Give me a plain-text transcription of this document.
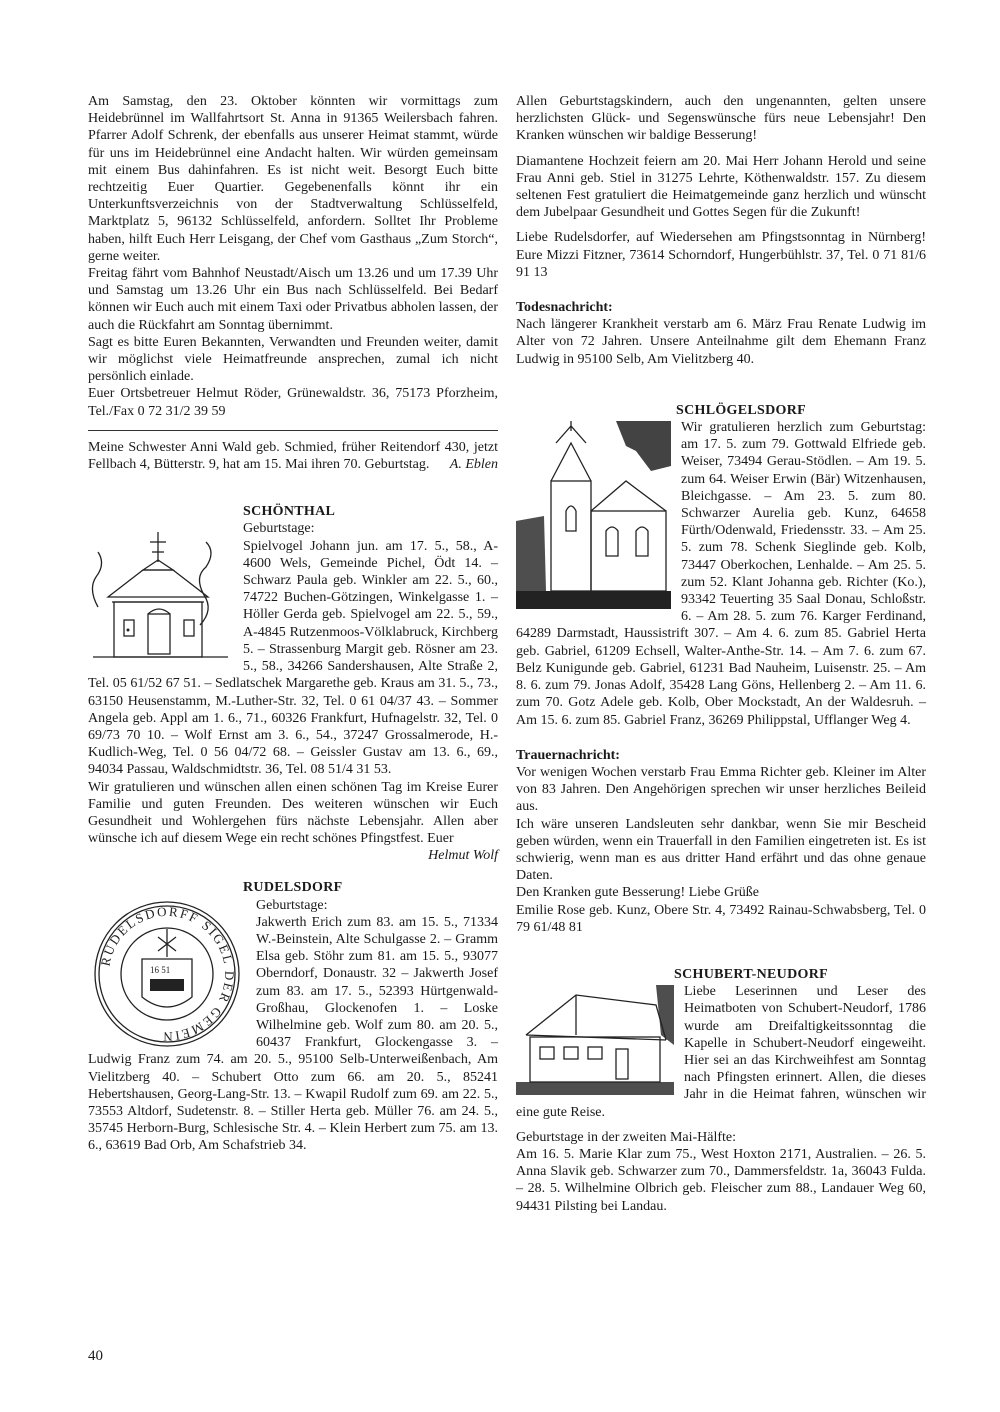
Am Samstag, den 23. Oktober könnten wir vormittags zum Heidebrünnel im Wallfahrtsort St. Anna in 91365 Weilersbach fahren. Pfarrer Adolf Schrenk, der ebenfalls aus unserer Heimat stammt, würde für uns im Heidebrünnel eine Andacht halten. Wir würden gemeinsam mit einem Bus dahinfahren. Es ist nicht weit. Besorgt Euch bitte rechtzeitig Euer Quartier. Gegebenenfalls könnt ihr ein Unterkunftsverzeichnis von der Stadtverwaltung Schlüsselfeld, Marktplatz 5, 96132 Schlüsselfeld, anfordern. Solltet Ihr Probleme haben, hilft Euch Herr Leisgang, der Chef vom Gasthaus „Zum Storch“, gerne weiter.

Freitag fährt vom Bahnhof Neustadt/Aisch um 13.26 und um 17.39 Uhr und Samstag um 13.26 Uhr ein Bus nach Schlüsselfeld. Bei Bedarf können wir Euch auch mit einem Taxi oder Privatbus abholen lassen, der auch die Rückfahrt am Sonntag übernimmt.

Sagt es bitte Euren Bekannten, Verwandten und Freunden weiter, damit wir möglichst viele Heimatfreunde ansprechen, zumal ich nicht persönlich einlade.

Euer Ortsbetreuer Helmut Röder, Grünewaldstr. 36, 75173 Pforzheim, Tel./Fax 0 72 31/2 39 59

Meine Schwester Anni Wald geb. Schmied, früher Reitendorf 430, jetzt Fellbach 4, Bütterstr. 9, hat am 15. Mai ihren 70. Geburtstag. A. Eblen

SCHÖNTHAL
Geburtstage:

Spielvogel Johann jun. am 17. 5., 58., A-4600 Wels, Gemeinde Pichel, Ödt 14. – Schwarz Paula geb. Winkler am 22. 5., 60., 74722 Buchen-Götzingen, Winkelgasse 1. – Höller Gerda geb. Spielvogel am 22. 5., 59., A-4845 Rutzenmoos-Völklabruck, Kirchberg 5. – Strassenburg Margit geb. Rösner am 23. 5., 58., 34266 Sandershausen, Alte Straße 2, Tel. 05 61/52 67 51. – Sedlatschek Margarethe geb. Kraus am 31. 5., 73., 63150 Heusenstamm, M.-Luther-Str. 32, Tel. 0 61 04/37 43. – Sommer Angela geb. Appl am 1. 6., 71., 60326 Frankfurt, Hufnagelstr. 32, Tel. 0 69/73 70 10. – Wolf Ernst am 3. 6., 54., 37247 Grossalmerode, H.-Kudlich-Weg, Tel. 0 56 04/72 68. – Geissler Gustav am 13. 6., 69., 94034 Passau, Waldschmidtstr. 36, Tel. 08 51/4 31 53.

Wir gratulieren und wünschen allen einen schönen Tag im Kreise Eurer Familie und guten Freunden. Des weiteren wünschen wir Euch Gesundheit und Wohlergehen fürs nächste Lebensjahr. Allen aber wünsche ich auf diesem Wege ein recht schönes Pfingstfest. Euer
Helmut Wolf

RUDELSDORF
RUDELSDORFF SIGEL DER GEMEIN
16 51
Geburtstage:

Jakwerth Erich zum 83. am 15. 5., 71334 W.-Beinstein, Alte Schulgasse 2. – Gramm Elsa geb. Stöhr zum 81. am 15. 5., 93077 Oberndorf, Donaustr. 32 – Jakwerth Josef zum 83. am 17. 5., 52393 Hürtgenwald-Großhau, Glockenofen 1. – Loske Wilhelmine geb. Wolf zum 80. am 20. 5., 60437 Frankfurt, Glockengasse 3. – Ludwig Franz zum 74. am 20. 5., 95100 Selb-Unterweißenbach, Am Vielitzberg 40. – Schubert Otto zum 66. am 20. 5., 85241 Hebertshausen, Georg-Lang-Str. 13. – Kwapil Rudolf zum 69. am 22. 5., 73553 Altdorf, Sudetenstr. 8. – Stiller Herta geb. Müller 76. am 24. 5., 35745 Herborn-Burg, Schlesische Str. 4. – Klein Herbert zum 75. am 13. 6., 63619 Bad Orb, Am Schafstrieb 34.

Allen Geburtstagskindern, auch den ungenannten, gelten unsere herzlichsten Glück- und Segenswünsche fürs neue Lebensjahr! Den Kranken wünschen wir baldige Besserung!

Diamantene Hochzeit feiern am 20. Mai Herr Johann Herold und seine Frau Anni geb. Stiel in 31275 Lehrte, Köthenwaldstr. 157. Zu diesem seltenen Fest gratuliert die Heimatgemeinde ganz herzlich und wünscht dem Jubelpaar Gesundheit und Gottes Segen für die Zukunft!

Liebe Rudelsdorfer, auf Wiedersehen am Pfingstsonntag in Nürnberg! Eure Mizzi Fitzner, 73614 Schorndorf, Hungerbühlstr. 37, Tel. 0 71 81/6 91 13

Todesnachricht:

Nach längerer Krankheit verstarb am 6. März Frau Renate Ludwig im Alter von 72 Jahren. Unsere Anteilnahme gilt dem Ehemann Franz Ludwig in 95100 Selb, Am Vielitzberg 40.

SCHLÖGELSDORF

Wir gratulieren herzlich zum Geburtstag: am 17. 5. zum 79. Gottwald Elfriede geb. Weiser, 73494 Gerau-Stödlen. – Am 19. 5. zum 64. Weiser Erwin (Bär) Witzenhausen, Bleichgasse. – Am 23. 5. zum 80. Schwarzer Aurelia geb. Kunz, 64658 Fürth/Odenwald, Friedensstr. 33. – Am 25. 5. zum 78. Schenk Sieglinde geb. Kolb, 73447 Oberkochen, Lenhalde. – Am 25. 5. zum 52. Klant Johanna geb. Richter (Ko.), 93342 Teuerting 35 Saal Donau, Schloßstr. 6. – Am 28. 5. zum 76. Karger Ferdinand, 64289 Darmstadt, Haussistrift 307. – Am 4. 6. zum 85. Gabriel Herta geb. Gabriel, 61209 Echsell, Walter-Anthe-Str. 14. – Am 7. 6. zum 67. Belz Kunigunde geb. Gabriel, 61231 Bad Nauheim, Luisenstr. 25. – Am 8. 6. zum 79. Jonas Adolf, 35428 Lang Göns, Hellenberg 2. – Am 11. 6. zum 70. Gotz Adele geb. Kolb, Ober Mockstadt, An der Waldesruh. – Am 15. 6. zum 85. Gabriel Franz, 36269 Philippstal, Ufflanger Weg 4.

Trauernachricht:

Vor wenigen Wochen verstarb Frau Emma Richter geb. Kleiner im Alter von 83 Jahren. Den Angehörigen sprechen wir unser herzliches Beileid aus.

Ich wäre unseren Landsleuten sehr dankbar, wenn Sie mir Bescheid geben würden, wenn ein Trauerfall in den Familien eingetreten ist. Es ist schwierig, wenn man es aus dritter Hand erfährt und das ohne genaue Daten.

Den Kranken gute Besserung! Liebe Grüße

Emilie Rose geb. Kunz, Obere Str. 4, 73492 Rainau-Schwabsberg, Tel. 0 79 61/48 81

SCHUBERT-NEUDORF

Liebe Leserinnen und Leser des Heimatboten von Schubert-Neudorf, 1786 wurde am Dreifaltigkeitssonntag die Kapelle in Schubert-Neudorf eingeweiht. Hier sei an das Kirchweihfest am Sonntag nach Pfingsten erinnert. Allen, die dieses Jahr in die Heimat fahren, wünschen wir eine gute Reise.

Geburtstage in der zweiten Mai-Hälfte:

Am 16. 5. Marie Klar zum 75., West Hoxton 2171, Australien. – 26. 5. Anna Slavik geb. Schwarzer zum 70., Dammersfeldstr. 1a, 36043 Fulda. – 28. 5. Wilhelmine Olbrich geb. Fleischer zum 88., Landauer Weg 60, 94431 Pilsting bei Landau.

40
